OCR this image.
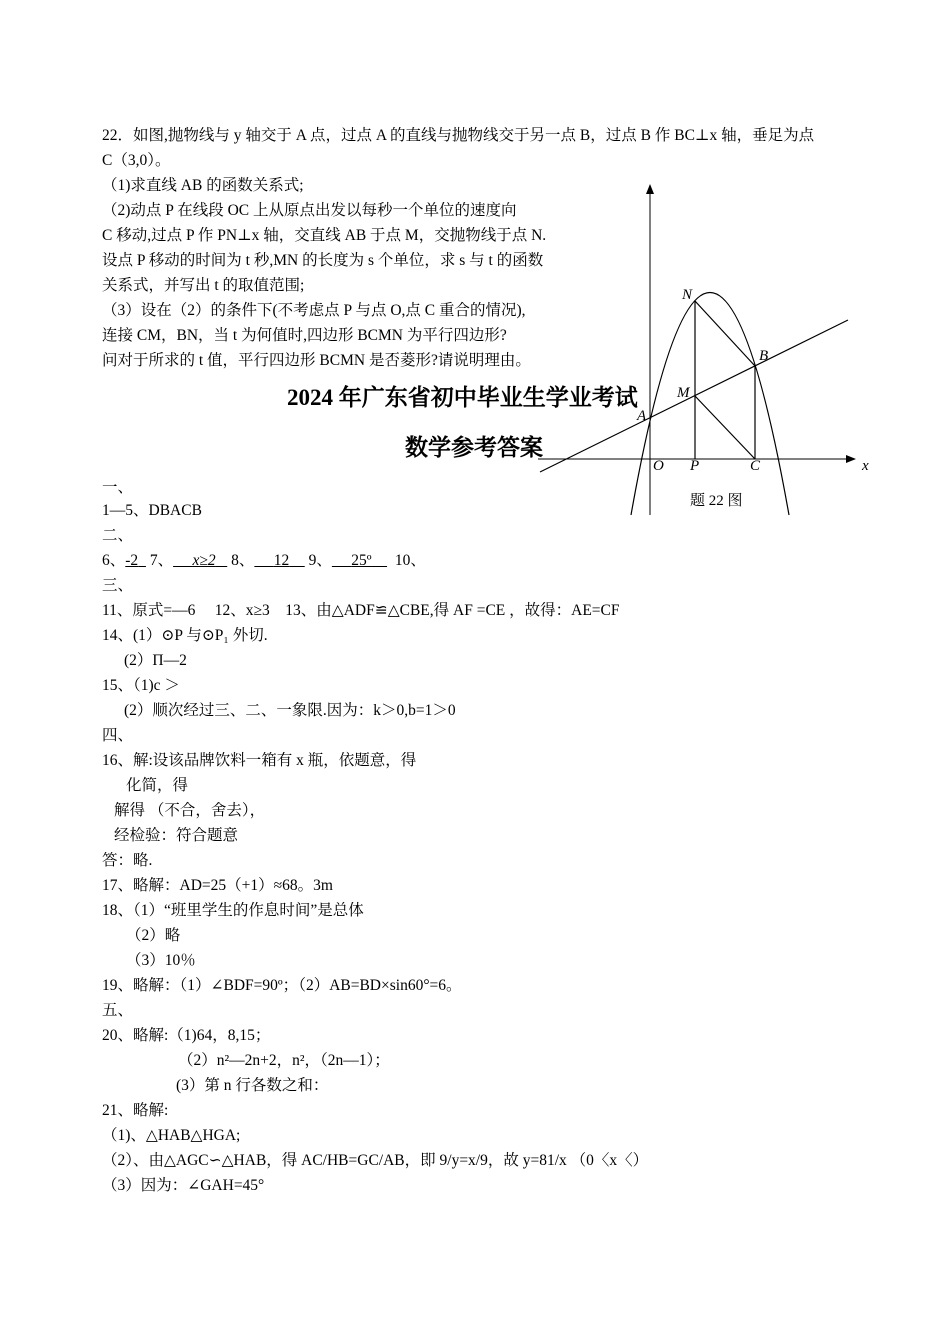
22．如图,抛物线与 y 轴交于 A 点，过点 A 的直线与抛物线交于另一点 B，过点 B 作 BC⊥x 轴，垂足为点
C（3,0）。
（1)求直线 AB 的函数关系式;
（2)动点 P 在线段 OC 上从原点出发以每秒一个单位的速度向
C 移动,过点 P 作 PN⊥x 轴，交直线 AB 于点 M，交抛物线于点 N.
设点 P 移动的时间为 t 秒,MN 的长度为 s 个单位，求 s 与 t 的函数
关系式，并写出 t 的取值范围;
（3）设在（2）的条件下(不考虑点 P 与点 O,点 C 重合的情况),
连接 CM，BN，当 t 为何值时,四边形 BCMN 为平行四边形?
问对于所求的 t 值，平行四边形 BCMN 是否菱形?请说明理由。
2024 年广东省初中毕业生学业考试
数学参考答案
N
B
M
A
O P	C	x
题 22 图
一、
1—5、DBACB
二、
6、-2 7、 x≥2 8、 12 9、 25º 10、
三、
11、原式=—6　 12、x≥3　13、由△ADF≌△CBE,得 AF =CE ，故得：AE=CF
14、(1）⊙P 与⊙P₁ 外切.
(2）Π—2
15、（1)c ＞
(2）顺次经过三、二、一象限.因为：k＞0,b=1＞0
四、
16、解:设该品牌饮料一箱有 x 瓶，依题意，得
化简，得
解得 （不合，舍去），
经检验：符合题意
答：略.
17、略解：AD=25（+1）≈68。3m
18、（1）“班里学生的作息时间”是总体
（2）略
（3）10％
19、略解：（1）∠BDF=90º；（2）AB=BD×sin60°=6。
五、
20、略解:（1)64，8,15；
（2）n²—2n+2，n²，（2n—1）；
(3）第 n 行各数之和：
21、略解:
（1)、△HAB△HGA;
（2）、由△AGC∽△HAB，得 AC/HB=GC/AB，即 9/y=x/9，故 y=81/x （0〈x〈）
（3）因为：∠GAH=45°
